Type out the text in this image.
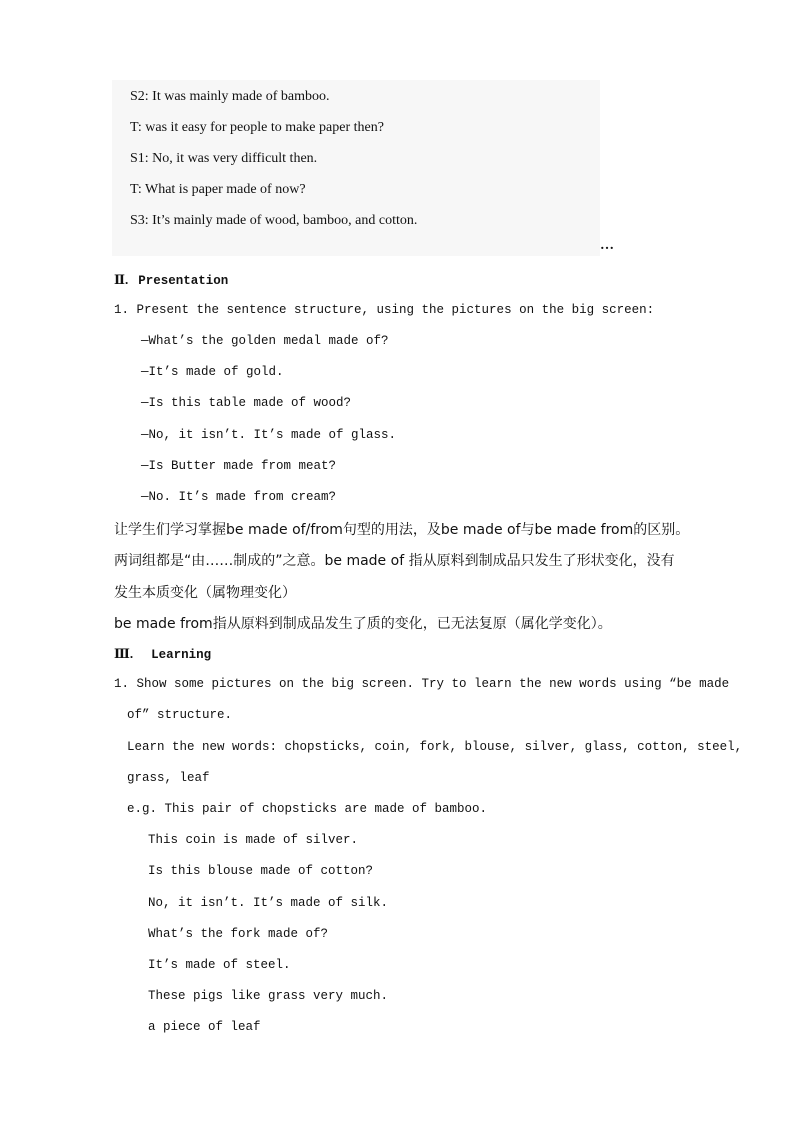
S2: It was mainly made of bamboo.
T: was it easy for people to make paper then?
S1: No, it was very difficult then.
T: What is paper made of now?
S3: It’s mainly made of wood, bamboo, and cotton.
…
Ⅱ. Presentation
1. Present the sentence structure, using the pictures on the big screen:
—What’s the golden medal made of?
—It’s made of gold.
—Is this table made of wood?
—No, it isn’t. It’s made of glass.
—Is Butter made from meat?
—No. It’s made from cream?
让学生们学习掌握be made of/from句型的用法，及be made of与be made from的区别。
两词组都是“由……制成的”之意。be made of 指从原料到制成品只发生了形状变化，没有
发生本质变化（属物理变化）
be made from指从原料到制成品发生了质的变化，已无法复原（属化学变化）。
Ⅲ. Learning
1. Show some pictures on the big screen. Try to learn the new words using “be made
of” structure.
Learn the new words: chopsticks, coin, fork, blouse, silver, glass, cotton, steel,
grass, leaf
e.g. This pair of chopsticks are made of bamboo.
This coin is made of silver.
Is this blouse made of cotton?
No, it isn’t. It’s made of silk.
What’s the fork made of?
It’s made of steel.
These pigs like grass very much.
a piece of leaf
